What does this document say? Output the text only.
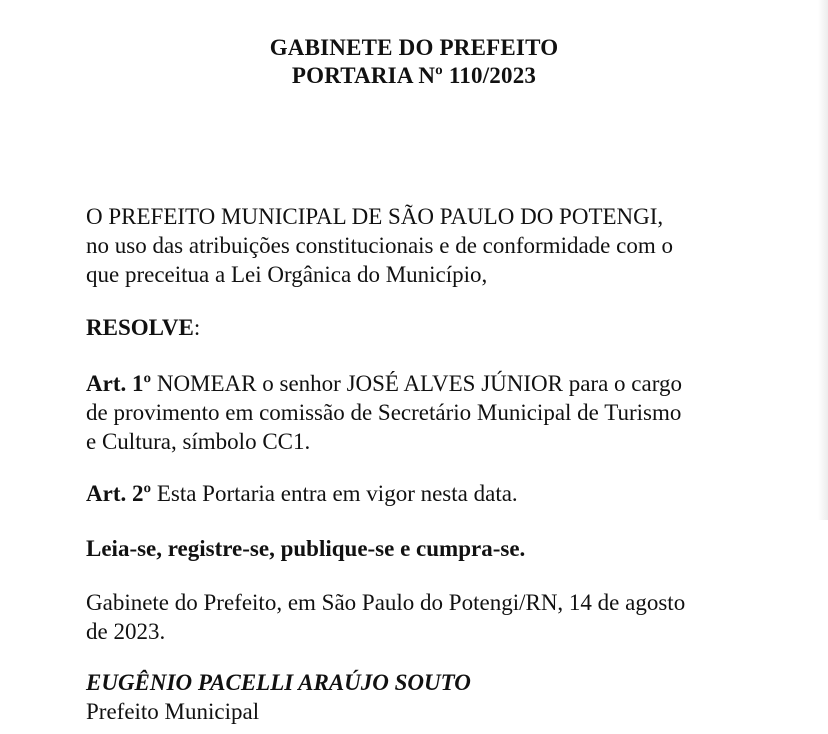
GABINETE DO PREFEITO
PORTARIA Nº 110/2023
O PREFEITO MUNICIPAL DE SÃO PAULO DO POTENGI,
no uso das atribuições constitucionais e de conformidade com o
que preceitua a Lei Orgânica do Município,
RESOLVE:
Art. 1º NOMEAR o senhor JOSÉ ALVES JÚNIOR para o cargo
de provimento em comissão de Secretário Municipal de Turismo
e Cultura, símbolo CC1.
Art. 2º Esta Portaria entra em vigor nesta data.
Leia-se, registre-se, publique-se e cumpra-se.
Gabinete do Prefeito, em São Paulo do Potengi/RN, 14 de agosto
de 2023.
EUGÊNIO PACELLI ARAÚJO SOUTO
Prefeito Municipal
